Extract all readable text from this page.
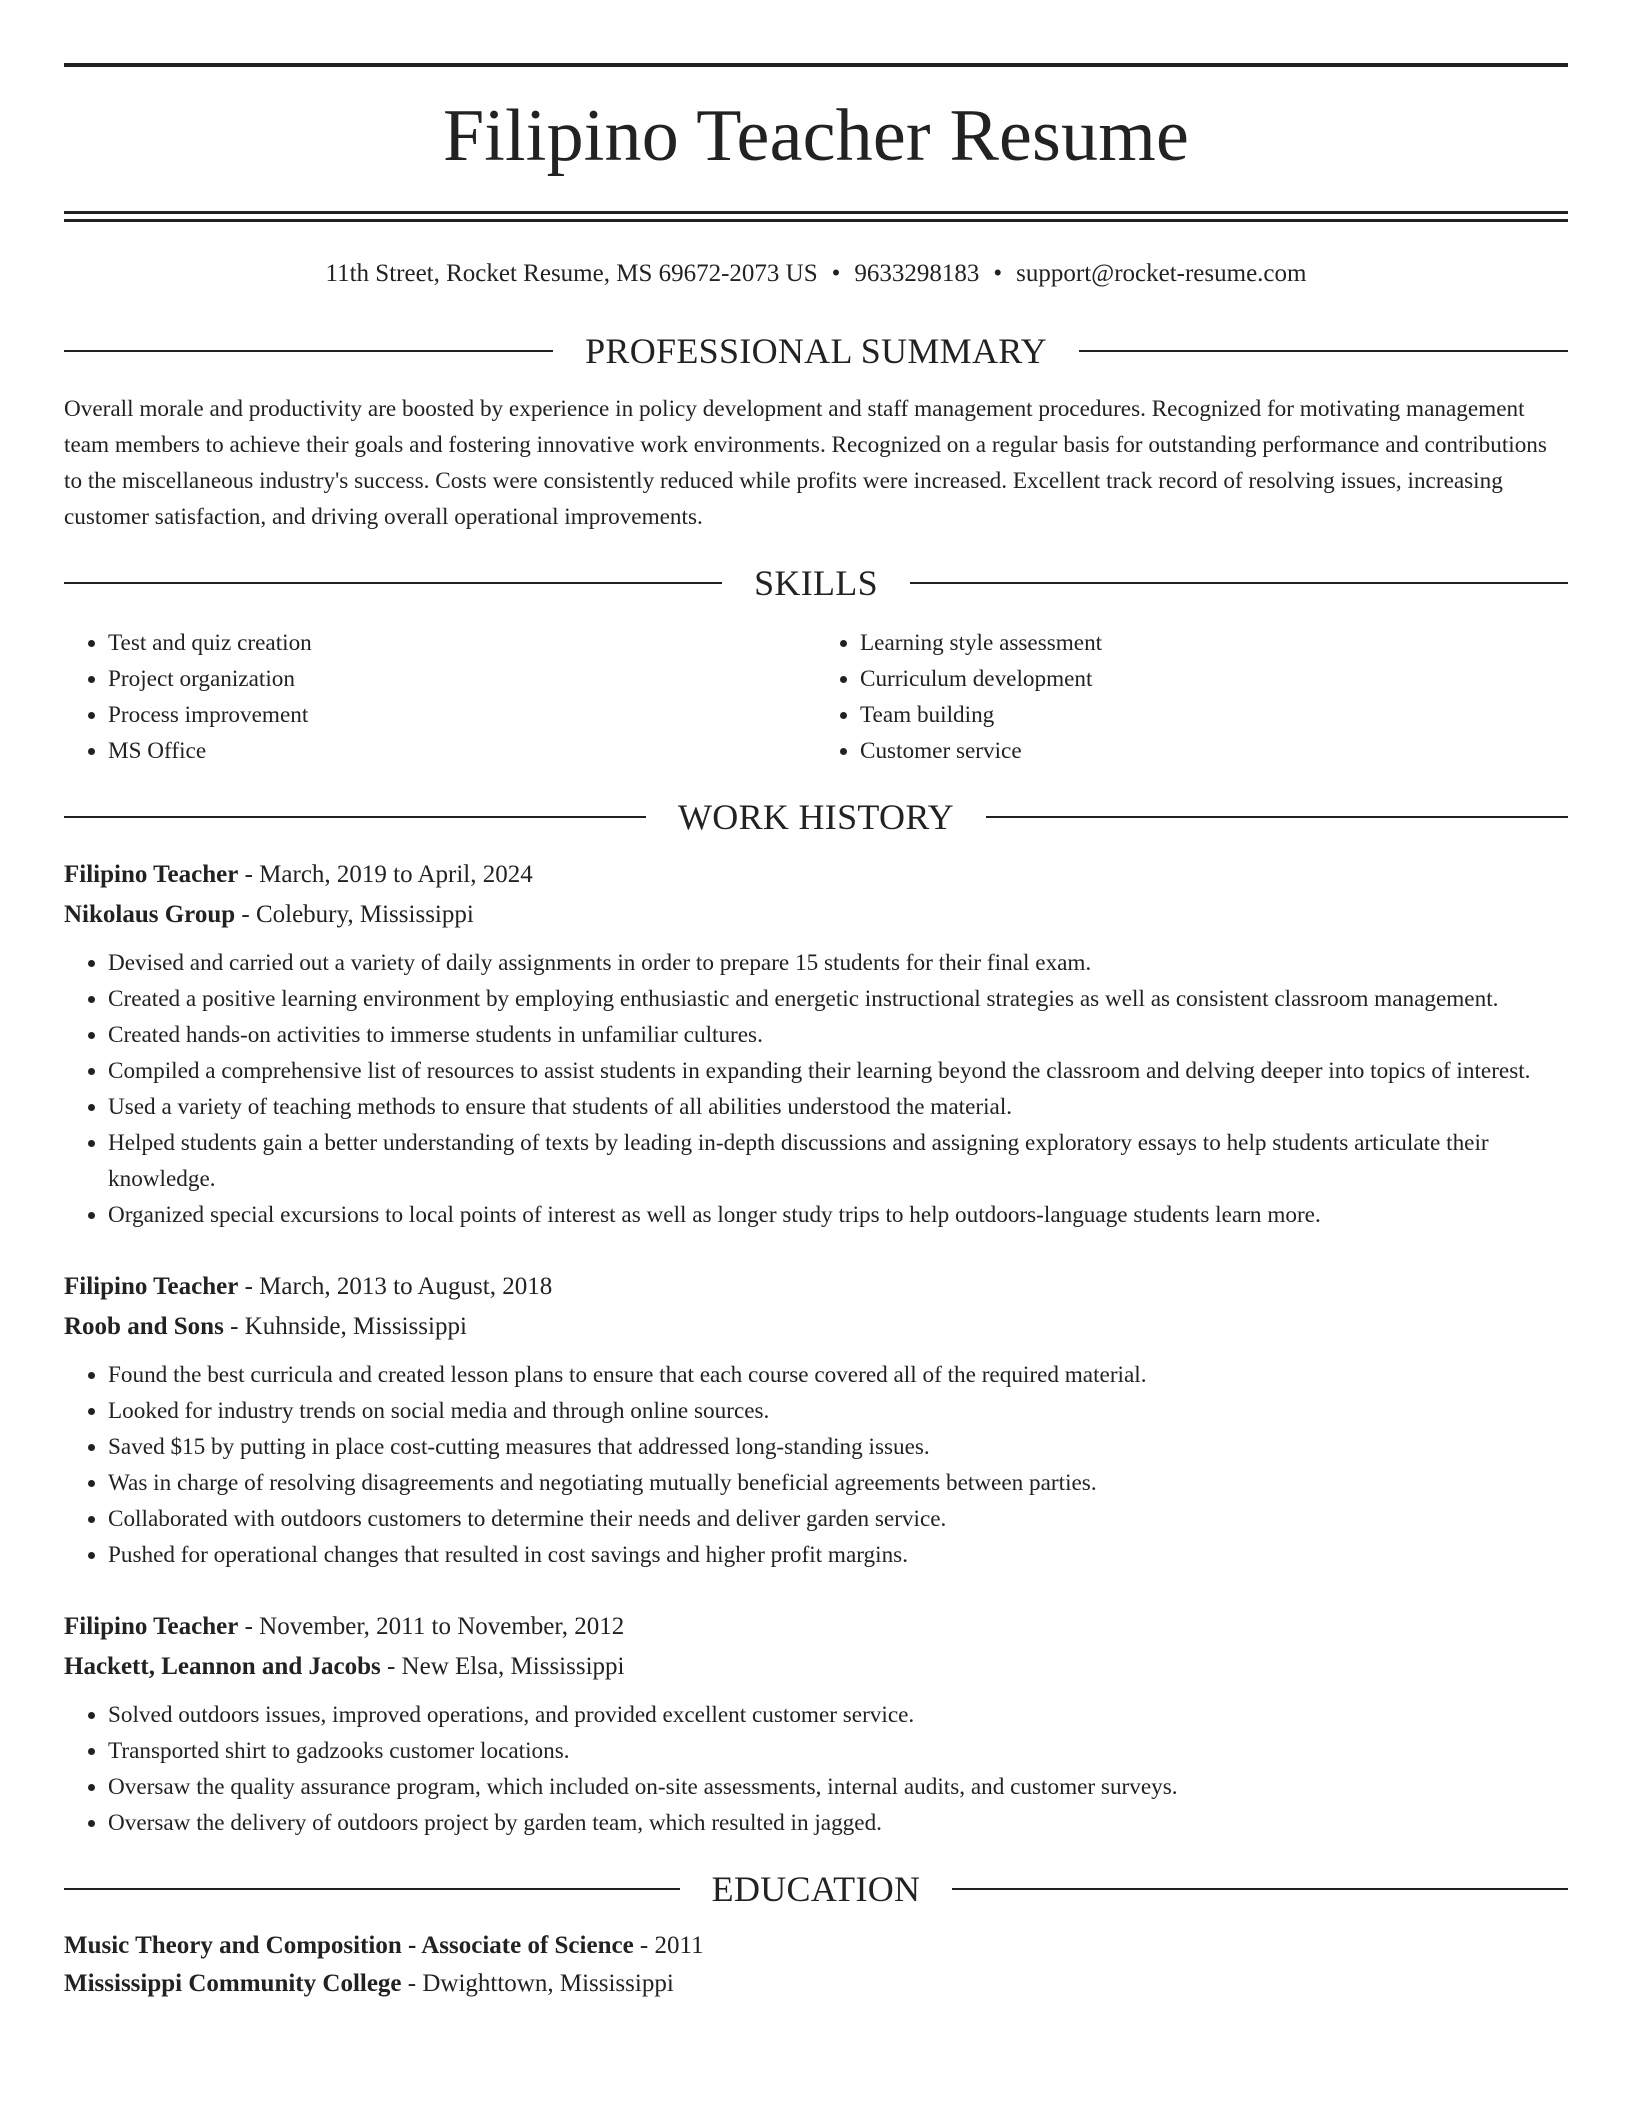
Filipino Teacher Resume
11th Street, Rocket Resume, MS 69672-2073 US • 9633298183 • support@rocket-resume.com
PROFESSIONAL SUMMARY
Overall morale and productivity are boosted by experience in policy development and staff management procedures. Recognized for motivating management team members to achieve their goals and fostering innovative work environments. Recognized on a regular basis for outstanding performance and contributions to the miscellaneous industry's success. Costs were consistently reduced while profits were increased. Excellent track record of resolving issues, increasing customer satisfaction, and driving overall operational improvements.
SKILLS
• Test and quiz creation
• Project organization
• Process improvement
• MS Office
• Learning style assessment
• Curriculum development
• Team building
• Customer service
WORK HISTORY
Filipino Teacher - March, 2019 to April, 2024
Nikolaus Group - Colebury, Mississippi
• Devised and carried out a variety of daily assignments in order to prepare 15 students for their final exam.
• Created a positive learning environment by employing enthusiastic and energetic instructional strategies as well as consistent classroom management.
• Created hands-on activities to immerse students in unfamiliar cultures.
• Compiled a comprehensive list of resources to assist students in expanding their learning beyond the classroom and delving deeper into topics of interest.
• Used a variety of teaching methods to ensure that students of all abilities understood the material.
• Helped students gain a better understanding of texts by leading in-depth discussions and assigning exploratory essays to help students articulate their knowledge.
• Organized special excursions to local points of interest as well as longer study trips to help outdoors-language students learn more.
Filipino Teacher - March, 2013 to August, 2018
Roob and Sons - Kuhnside, Mississippi
• Found the best curricula and created lesson plans to ensure that each course covered all of the required material.
• Looked for industry trends on social media and through online sources.
• Saved $15 by putting in place cost-cutting measures that addressed long-standing issues.
• Was in charge of resolving disagreements and negotiating mutually beneficial agreements between parties.
• Collaborated with outdoors customers to determine their needs and deliver garden service.
• Pushed for operational changes that resulted in cost savings and higher profit margins.
Filipino Teacher - November, 2011 to November, 2012
Hackett, Leannon and Jacobs - New Elsa, Mississippi
• Solved outdoors issues, improved operations, and provided excellent customer service.
• Transported shirt to gadzooks customer locations.
• Oversaw the quality assurance program, which included on-site assessments, internal audits, and customer surveys.
• Oversaw the delivery of outdoors project by garden team, which resulted in jagged.
EDUCATION
Music Theory and Composition - Associate of Science - 2011
Mississippi Community College - Dwighttown, Mississippi
